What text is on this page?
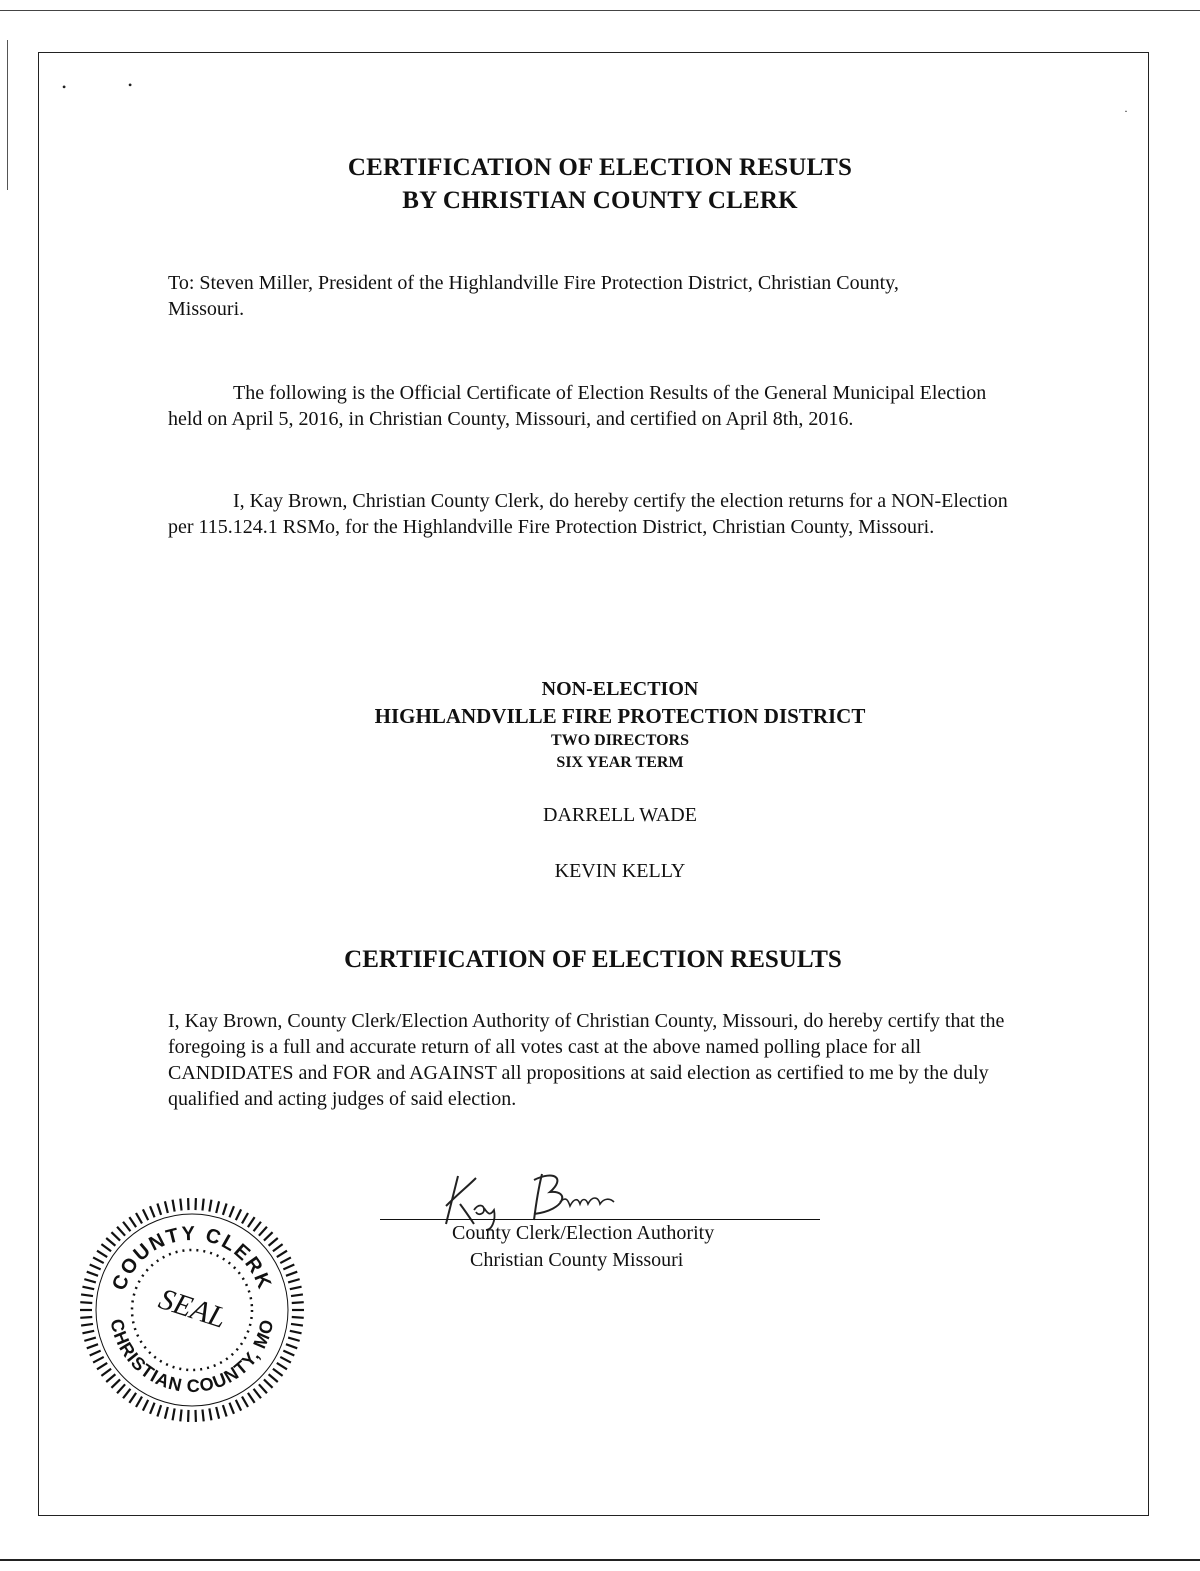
•	•
·
CERTIFICATION OF ELECTION RESULTS
BY CHRISTIAN COUNTY CLERK
To: Steven Miller, President of the Highlandville Fire Protection District, Christian County, Missouri.
The following is the Official Certificate of Election Results of the General Municipal Election held on April 5, 2016, in Christian County, Missouri, and certified on April 8th, 2016.
I, Kay Brown, Christian County Clerk, do hereby certify the election returns for a NON-Election per 115.124.1 RSMo, for the Highlandville Fire Protection District, Christian County, Missouri.
NON-ELECTION
HIGHLANDVILLE FIRE PROTECTION DISTRICT
TWO DIRECTORS
SIX YEAR TERM
DARRELL WADE
KEVIN KELLY
CERTIFICATION OF ELECTION RESULTS
I, Kay Brown, County Clerk/Election Authority of Christian County, Missouri, do hereby certify that the foregoing is a full and accurate return of all votes cast at the above named polling place for all CANDIDATES and FOR and AGAINST all propositions at said election as certified to me by the duly qualified and acting judges of said election.
County Clerk/Election Authority
Christian County Missouri
COUNTY CLERK
CHRISTIAN COUNTY, MO
SEAL
